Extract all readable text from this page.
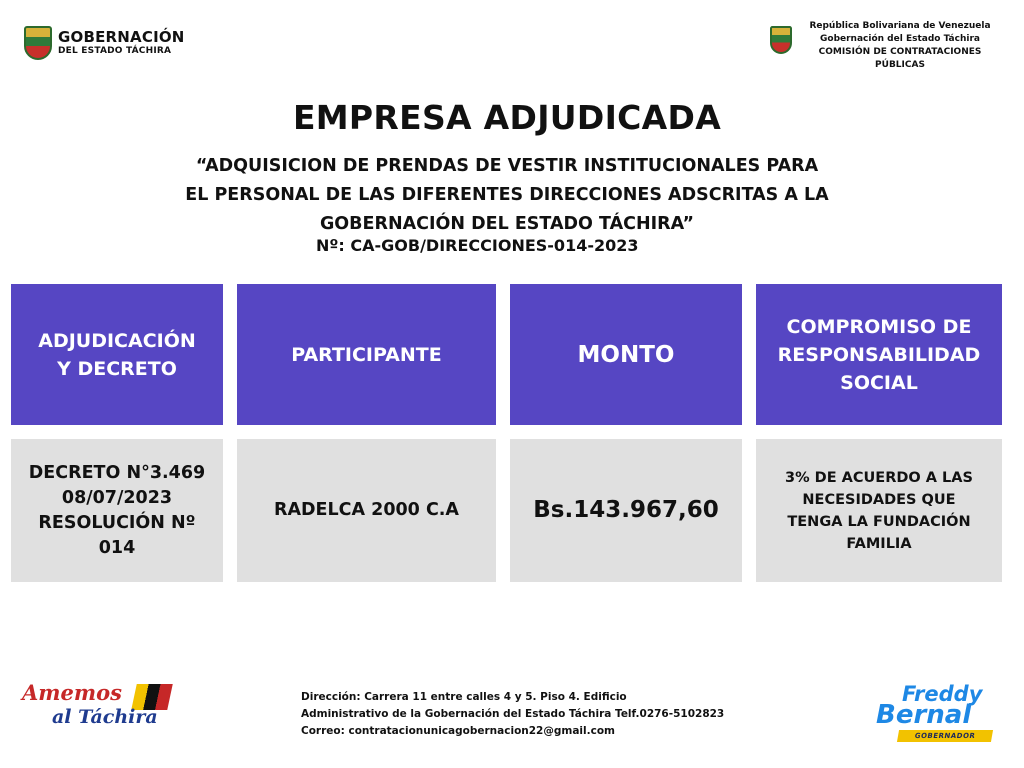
GOBERNACIÓN
DEL ESTADO TÁCHIRA
República Bolivariana de Venezuela
Gobernación del Estado Táchira
COMISIÓN DE CONTRATACIONES
PÚBLICAS
EMPRESA ADJUDICADA
“ADQUISICION DE PRENDAS DE VESTIR INSTITUCIONALES PARA
EL PERSONAL DE LAS DIFERENTES DIRECCIONES ADSCRITAS A LA
GOBERNACIÓN DEL ESTADO TÁCHIRA”
Nº: CA-GOB/DIRECCIONES-014-2023
ADJUDICACIÓN
Y DECRETO
PARTICIPANTE	MONTO
COMPROMISO DE
RESPONSABILIDAD
SOCIAL
DECRETO N°3.469
08/07/2023
RESOLUCIÓN Nº
014
RADELCA 2000 C.A	Bs.143.967,60
3% DE ACUERDO A LAS
NECESIDADES QUE
TENGA LA FUNDACIÓN
FAMILIA
Amemos
al Táchira
Dirección: Carrera 11 entre calles 4 y 5. Piso 4. Edificio
Administrativo de la Gobernación del Estado Táchira Telf.0276-5102823
Correo: contratacionunicagobernacion22@gmail.com
Freddy
Bernal
GOBERNADOR
